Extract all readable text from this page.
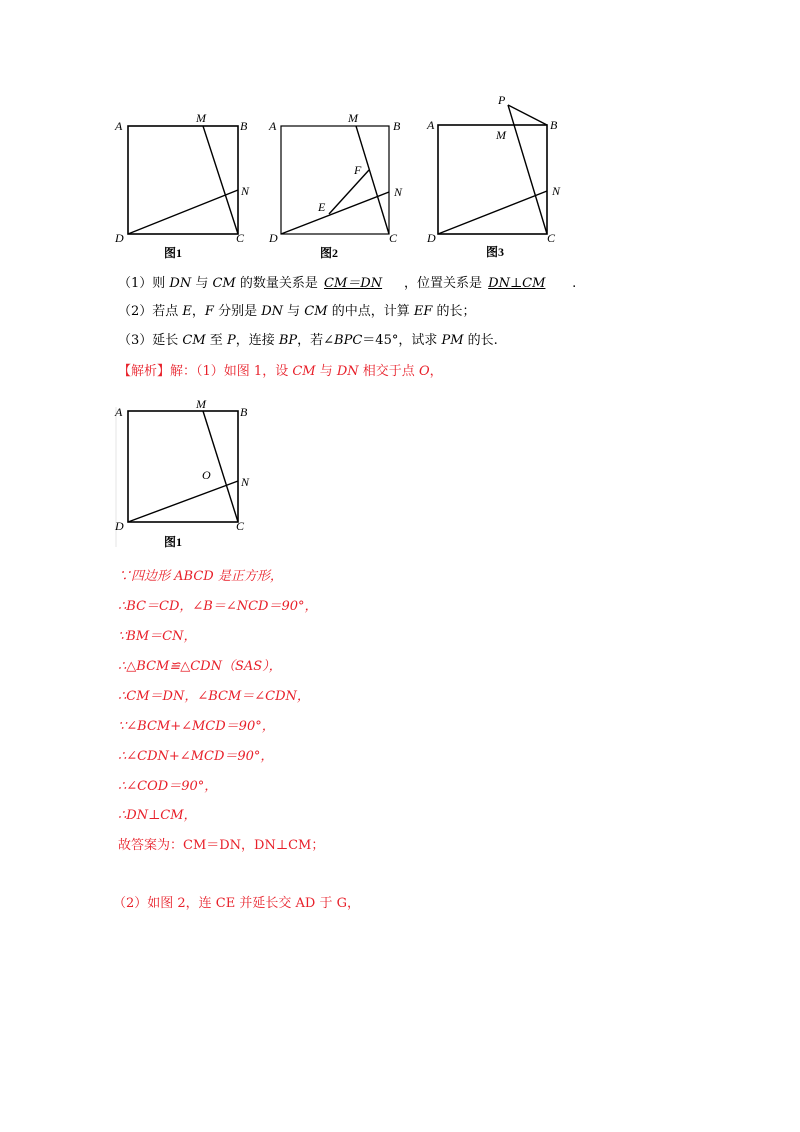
A
M
B
N
D	C
图1
A
M
B
F
E
N
D	C
图2
P
A
M
B
N
D	C
图3
（1）则 DN 与 CM 的数量关系是 CM＝DN ，位置关系是 DN⊥CM .
（2）若点 E，F 分别是 DN 与 CM 的中点，计算 EF 的长；
（3）延长 CM 至 P，连接 BP，若∠BPC＝45°，试求 PM 的长.
【解析】解：（1）如图 1，设 CM 与 DN 相交于点 O，
A
M
B
O	N
D	C
图1
∵四边形 ABCD 是正方形，
∴BC＝CD，∠B＝∠NCD＝90°，
∵BM＝CN，
∴△BCM≌△CDN（SAS），
∴CM＝DN，∠BCM＝∠CDN，
∵∠BCM+∠MCD＝90°，
∴∠CDN+∠MCD＝90°，
∴∠COD＝90°，
∴DN⊥CM，
故答案为：CM＝DN，DN⊥CM；
（2）如图 2，连 CE 并延长交 AD 于 G，
